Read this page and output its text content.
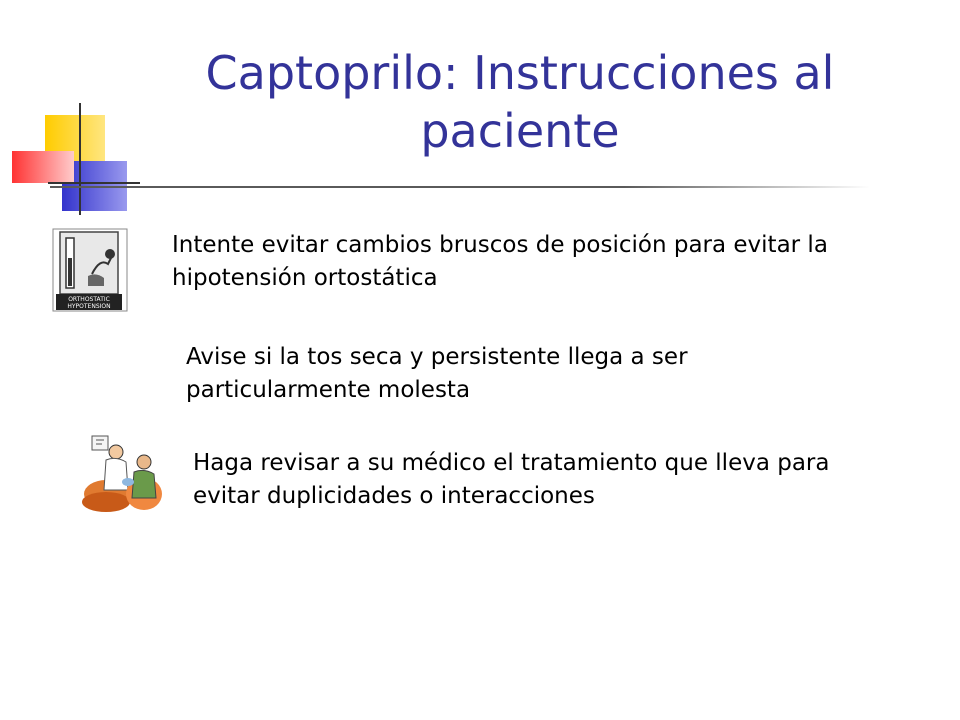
Captoprilo: Instrucciones al paciente
ORTHOSTATIC
HYPOTENSION
Intente evitar cambios bruscos de posición para evitar la hipotensión ortostática
Avise si la tos seca y persistente llega a ser particularmente molesta
Haga revisar a su médico el tratamiento que lleva para evitar duplicidades o interacciones
